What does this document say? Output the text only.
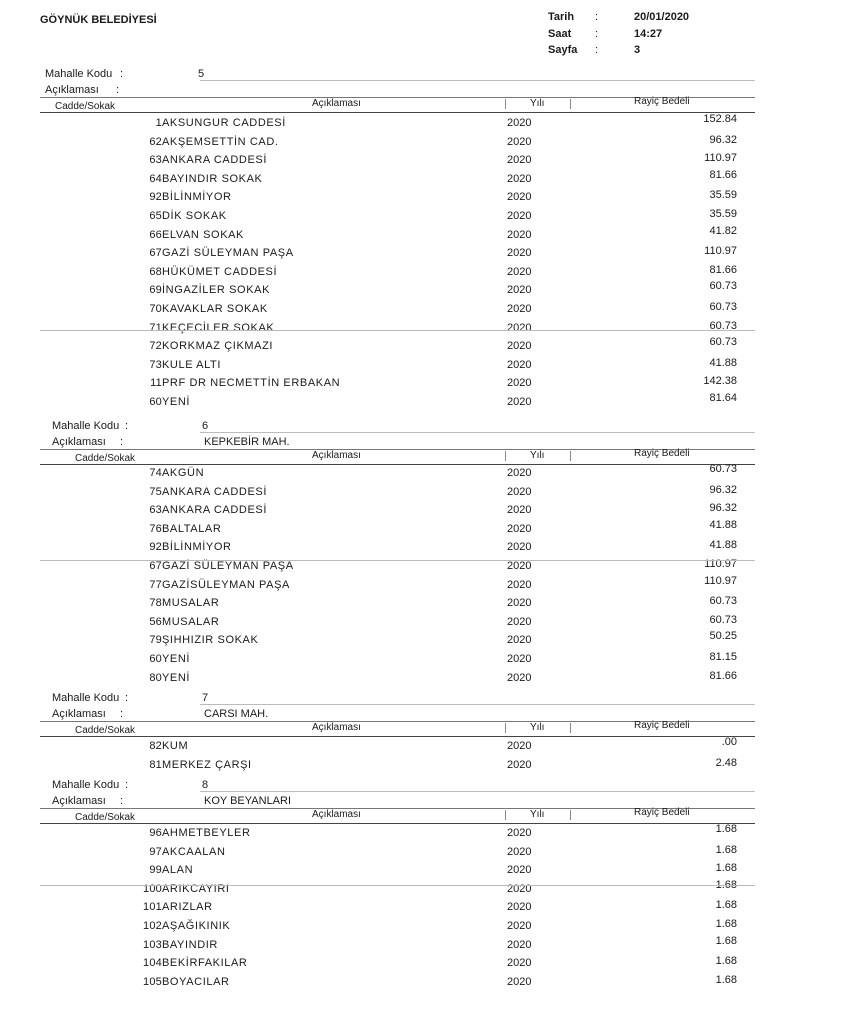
GÖYNÜK BELEDİYESİ	Tarih :	20/01/2020
Saat :	14:27
Sayfa :	3
Mahalle Kodu :	5
Açıklaması :
Cadde/Sokak	Açıklaması	Yılı	Rayiç Bedeli
1 AKSUNGUR CADDESİ	2020	152.84
62 AKŞEMSETTİN CAD.	2020	96.32
63 ANKARA CADDESİ	2020	110.97
64 BAYINDIR SOKAK	2020	81.66
92 BİLİNMİYOR	2020	35.59
65 DİK SOKAK	2020	35.59
66 ELVAN SOKAK	2020	41.82
67 GAZİ SÜLEYMAN PAŞA	2020	110.97
68 HÜKÜMET CADDESİ	2020	81.66
69 İNGAZİLER SOKAK	2020	60.73
70 KAVAKLAR SOKAK	2020	60.73
71 KEÇECİLER SOKAK	2020	60.73
72 KORKMAZ ÇIKMAZI	2020	60.73
73 KULE ALTI	2020	41.88
11 PRF DR NECMETTİN ERBAKAN	2020	142.38
60 YENİ	2020	81.64
Mahalle Kodu :	6
Açıklaması :	KEPKEBİR MAH.
Cadde/Sokak	Açıklaması	Yılı	Rayiç Bedeli
74 AKGÜN	2020	60.73
75 ANKARA CADDESİ	2020	96.32
63 ANKARA CADDESİ	2020	96.32
76 BALTALAR	2020	41.88
92 BİLİNMİYOR	2020	41.88
67 GAZİ SÜLEYMAN PAŞA	2020	110.97
77 GAZİSÜLEYMAN PAŞA	2020	110.97
78 MUSALAR	2020	60.73
56 MUSALAR	2020	60.73
79 ŞIHHIZIR SOKAK	2020	50.25
60 YENİ	2020	81.15
80 YENİ	2020	81.66
Mahalle Kodu :	7
Açıklaması :	CARSI MAH.
Cadde/Sokak	Açıklaması	Yılı	Rayiç Bedeli
82 KUM	2020	.00
81 MERKEZ ÇARŞI	2020	2.48
Mahalle Kodu :	8
Açıklaması :	KOY BEYANLARI
Cadde/Sokak	Açıklaması	Yılı	Rayiç Bedeli
96 AHMETBEYLER	2020	1.68
97 AKCAALAN	2020	1.68
99 ALAN	2020	1.68
100 ARIKCAYIRI	2020	1.68
101 ARIZLAR	2020	1.68
102 AŞAĞIKINIK	2020	1.68
103 BAYINDIR	2020	1.68
104 BEKİRFAKILAR	2020	1.68
105 BOYACILAR	2020	1.68
